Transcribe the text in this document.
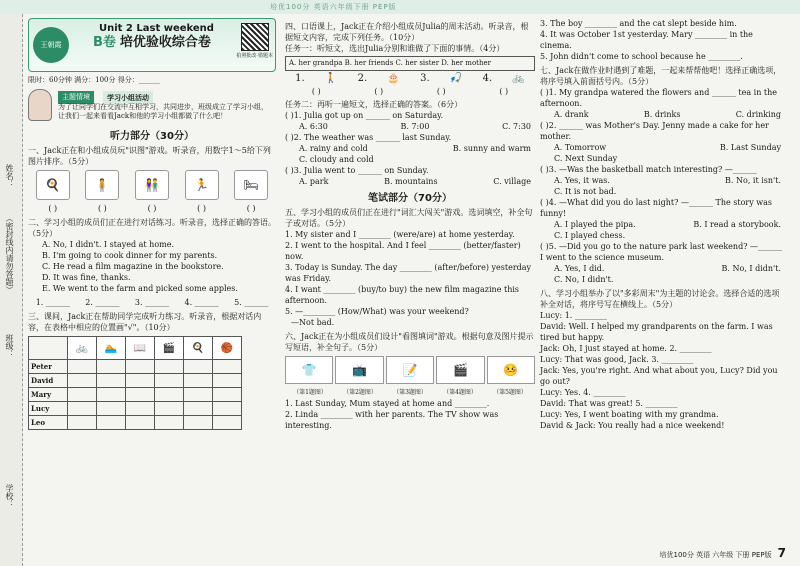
培优100分 英语六年级下册 PEP版
姓名：
（密封线内请勿答题）
班级：
学校：
王朝霞
Unit 2 Last weekend
B卷 培优验收综合卷
拍照批改·错题本
限时：60分钟 满分：100分 得分：______
主题情境	学习小组活动
为了让同学们在交流中互相学习，共同进步，班级成立了学习小组，让我们一起来看看Jack和他的学习小组都做了什么吧！
听力部分（30分）
一、Jack正在和小组成员玩"识图"游戏。听录音，用数字1～5给下列图片排序。（5分）
🍳	🧍	👫	🏃	🛏
( )	( )	( )	( )	( )
二、学习小组的成员们正在进行对话练习。听录音，选择正确的答语。（5分）
A. No, I didn't. I stayed at home.
B. I'm going to cook dinner for my parents.
C. He read a film magazine in the bookstore.
D. It was fine, thanks.
E. We went to the farm and picked some apples.
1. ______ 2. ______ 3. ______ 4. ______ 5. ______
三、课间，Jack正在帮助同学完成听力练习。听录音，根据对话内容，在表格中相应的位置画"√"。（10分）
	🚲	🏊	📖	🎬	🍳	🏀
Peter						
David						
Mary						
Lucy						
Leo						
四、口语课上，Jack正在介绍小组成员Julia的周末活动。听录音，根据短文内容，完成下列任务。（10分）
任务一：听短文，选出Julia分别和谁做了下面的事情。（4分）
A. her grandpa B. her friends C. her sister D. her mother
1. 🚶 2. 🎂 3. 🎣 4. 🚲
( )	( )	( )	( )
任务二：再听一遍短文，选择正确的答案。（6分）
( )1. Julia got up on ______ on Saturday.
A. 6:30	B. 7:00	C. 7:30
( )2. The weather was ______ last Sunday.
A. rainy and cold	B. sunny and warm
C. cloudy and cold
( )3. Julia went to ______ on Sunday.
A. park	B. mountains	C. village
笔试部分（70分）
五、学习小组的成员们正在进行"词汇大闯关"游戏。选词填空，补全句子或对话。（5分）
1. My sister and I ________ (were/are) at home yesterday.
2. I went to the hospital. And I feel ________ (better/faster) now.
3. Today is Sunday. The day ________ (after/before) yesterday was Friday.
4. I want ________ (buy/to buy) the new film magazine this afternoon.
5. —________ (How/What) was your weekend?
—Not bad.
六、Jack正在为小组成员们设计"看图填词"游戏。根据句意及图片提示写短语，补全句子。（5分）
👕	📺	📝	🎬	🤒
（第1题图）	（第2题图）	（第3题图）	（第4题图）	（第5题图）
1. Last Sunday, Mum stayed at home and ________.
2. Linda ________ with her parents. The TV show was interesting.
3. The boy ________ and the cat slept beside him.
4. It was October 1st yesterday. Mary ________ in the cinema.
5. John didn't come to school because he ________.
七、Jack在做作业时遇到了难题，一起来帮帮他吧！选择正确选项，将序号填入前面括号内。（5分）
( )1. My grandpa watered the flowers and ______ tea in the afternoon.
A. drank	B. drinks	C. drinking
( )2. ______ was Mother's Day. Jenny made a cake for her mother.
A. Tomorrow	B. Last Sunday
C. Next Sunday
( )3. —Was the basketball match interesting? —______
A. Yes, it was.	B. No, it isn't.
C. It is not bad.
( )4. —What did you do last night? —______ The story was funny!
A. I played the pipa.	B. I read a storybook.
C. I played chess.
( )5. —Did you go to the nature park last weekend? —______ I went to the science museum.
A. Yes, I did.	B. No, I didn't.
C. No, I didn't.
八、学习小组举办了以"多彩周末"为主题的讨论会。选择合适的选项补全对话，将序号写在横线上。（5分）
Lucy: 1. ________
David: Well. I helped my grandparents on the farm. I was tired but happy.
Jack: Oh, I just stayed at home. 2. ________
Lucy: That was good, Jack. 3. ________
Jack: Yes, you're right. And what about you, Lucy? Did you go out?
Lucy: Yes. 4. ________
David: That was great! 5. ________
Lucy: Yes, I went boating with my grandma.
David & Jack: You really had a nice weekend!
培优100分 英语 六年级 下册 PEP版 7
